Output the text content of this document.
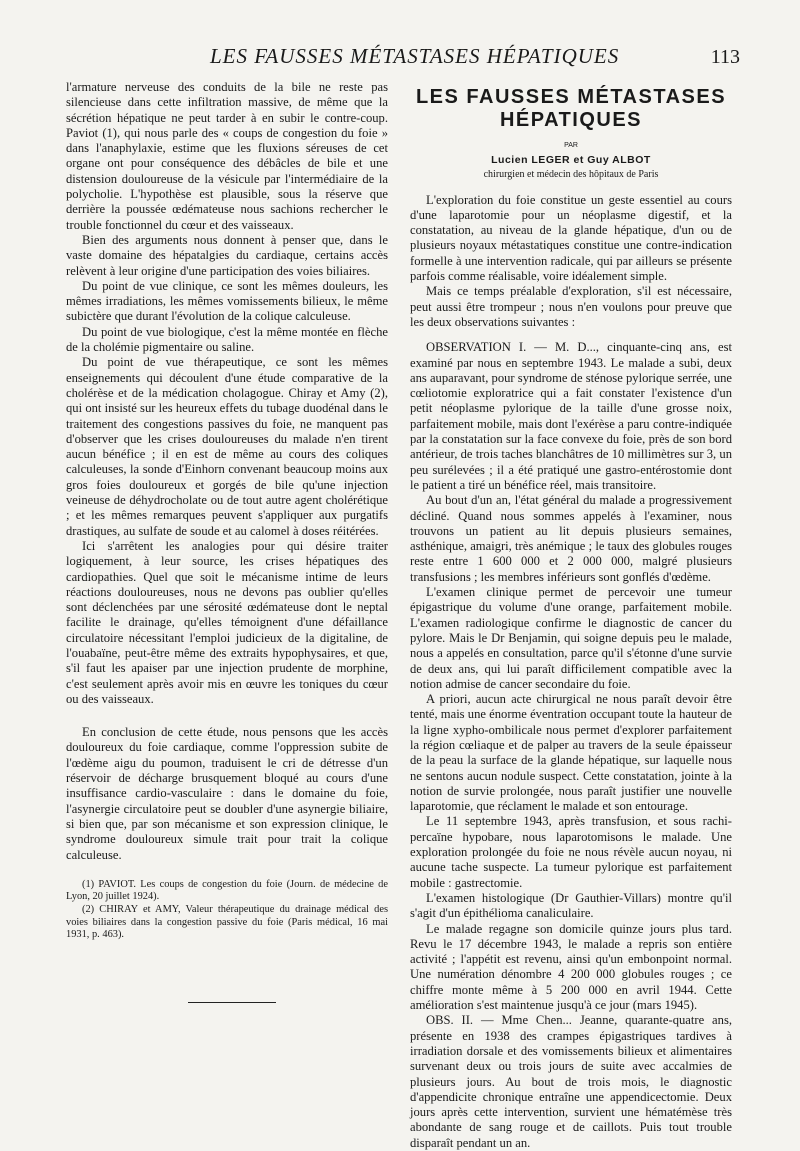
LES FAUSSES MÉTASTASES HÉPATIQUES	113

l'armature nerveuse des conduits de la bile ne reste pas silencieuse dans cette infiltration massive, de même que la sécrétion hépatique ne peut tarder à en subir le contre-coup. Paviot (1), qui nous parle des « coups de congestion du foie » dans l'anaphylaxie, estime que les fluxions séreuses de cet organe ont pour conséquence des débâcles de bile et une distension douloureuse de la vésicule par l'intermédiaire de la polycholie. L'hypothèse est plausible, sous la réserve que derrière la poussée œdémateuse nous sachions rechercher le trouble fonctionnel du cœur et des vaisseaux.

Bien des arguments nous donnent à penser que, dans le vaste domaine des hépatalgies du cardiaque, certains accès relèvent à leur origine d'une participation des voies biliaires.

Du point de vue clinique, ce sont les mêmes douleurs, les mêmes irradiations, les mêmes vomissements bilieux, le même subictère que durant l'évolution de la colique calculeuse.

Du point de vue biologique, c'est la même montée en flèche de la cholémie pigmentaire ou saline.

Du point de vue thérapeutique, ce sont les mêmes enseignements qui découlent d'une étude comparative de la cholérèse et de la médication cholagogue. Chiray et Amy (2), qui ont insisté sur les heureux effets du tubage duodénal dans le traitement des congestions passives du foie, ne manquent pas d'observer que les crises douloureuses du malade n'en tirent aucun bénéfice ; il en est de même au cours des coliques calculeuses, la sonde d'Einhorn convenant beaucoup moins aux gros foies douloureux et gorgés de bile qu'une injection veineuse de déhydrocholate ou de tout autre agent cholérétique ; et les mêmes remarques peuvent s'appliquer aux purgatifs drastiques, au sulfate de soude et au calomel à doses réitérées.

Ici s'arrêtent les analogies pour qui désire traiter logiquement, à leur source, les crises hépatiques des cardiopathies. Quel que soit le mécanisme intime de leurs réactions douloureuses, nous ne devons pas oublier qu'elles sont déclenchées par une sérosité œdémateuse dont le neptal facilite le drainage, qu'elles témoignent d'une défaillance circulatoire nécessitant l'emploi judicieux de la digitaline, de l'ouabaïne, peut-être même des extraits hypophysaires, et que, s'il faut les apaiser par une injection prudente de morphine, c'est seulement après avoir mis en œuvre les toniques du cœur ou des vaisseaux.

En conclusion de cette étude, nous pensons que les accès douloureux du foie cardiaque, comme l'oppression subite de l'œdème aigu du poumon, traduisent le cri de détresse d'un réservoir de décharge brusquement bloqué au cours d'une insuffisance cardio-vasculaire : dans le domaine du foie, l'asynergie circulatoire peut se doubler d'une asynergie biliaire, si bien que, par son mécanisme et son expression clinique, le syndrome douloureux simule trait pour trait la colique calculeuse.

(1) PAVIOT. Les coups de congestion du foie (Journ. de médecine de Lyon, 20 juillet 1924).

(2) CHIRAY et AMY, Valeur thérapeutique du drainage médical des voies biliaires dans la congestion passive du foie (Paris médical, 16 mai 1931, p. 463).

LES FAUSSES MÉTASTASES HÉPATIQUES
PAR
Lucien LEGER et Guy ALBOT
chirurgien et médecin des hôpitaux de Paris

L'exploration du foie constitue un geste essentiel au cours d'une laparotomie pour un néoplasme digestif, et la constatation, au niveau de la glande hépatique, d'un ou de plusieurs noyaux métastatiques constitue une contre-indication formelle à une intervention radicale, qui par ailleurs se présente parfois comme réalisable, voire idéalement simple.

Mais ce temps préalable d'exploration, s'il est nécessaire, peut aussi être trompeur ; nous n'en voulons pour preuve que les deux observations suivantes :

OBSERVATION I. — M. D..., cinquante-cinq ans, est examiné par nous en septembre 1943. Le malade a subi, deux ans auparavant, pour syndrome de sténose pylorique serrée, une cœliotomie exploratrice qui a fait constater l'existence d'un petit néoplasme pylorique de la taille d'une grosse noix, parfaitement mobile, mais dont l'exérèse a paru contre-indiquée par la constatation sur la face convexe du foie, près de son bord antérieur, de trois taches blanchâtres de 10 millimètres sur 3, un peu surélevées ; il a été pratiqué une gastro-entérostomie dont le patient a tiré un bénéfice réel, mais transitoire.

Au bout d'un an, l'état général du malade a progressivement décliné. Quand nous sommes appelés à l'examiner, nous trouvons un patient au lit depuis plusieurs semaines, asthénique, amaigri, très anémique ; le taux des globules rouges reste entre 1 600 000 et 2 000 000, malgré plusieurs transfusions ; les membres inférieurs sont gonflés d'œdème.

L'examen clinique permet de percevoir une tumeur épigastrique du volume d'une orange, parfaitement mobile. L'examen radiologique confirme le diagnostic de cancer du pylore. Mais le Dr Benjamin, qui soigne depuis peu le malade, nous a appelés en consultation, parce qu'il s'étonne d'une survie de deux ans, qui lui paraît difficilement compatible avec la notion admise de cancer secondaire du foie.

A priori, aucun acte chirurgical ne nous paraît devoir être tenté, mais une énorme éventration occupant toute la hauteur de la ligne xypho-ombilicale nous permet d'explorer parfaitement la région cœliaque et de palper au travers de la seule épaisseur de la peau la surface de la glande hépatique, sur laquelle nous ne sentons aucun nodule suspect. Cette constatation, jointe à la notion de survie prolongée, nous paraît justifier une nouvelle laparotomie, que réclament le malade et son entourage.

Le 11 septembre 1943, après transfusion, et sous rachi-percaïne hypobare, nous laparotomisons le malade. Une exploration prolongée du foie ne nous révèle aucun noyau, ni aucune tache suspecte. La tumeur pylorique est parfaitement mobile : gastrectomie.

L'examen histologique (Dr Gauthier-Villars) montre qu'il s'agit d'un épithélioma canaliculaire.

Le malade regagne son domicile quinze jours plus tard. Revu le 17 décembre 1943, le malade a repris son entière activité ; l'appétit est revenu, ainsi qu'un embonpoint normal. Une numération dénombre 4 200 000 globules rouges ; ce chiffre monte même à 5 200 000 en avril 1944. Cette amélioration s'est maintenue jusqu'à ce jour (mars 1945).

OBS. II. — Mme Chen... Jeanne, quarante-quatre ans, présente en 1938 des crampes épigastriques tardives à irradiation dorsale et des vomissements bilieux et alimentaires survenant deux ou trois jours de suite avec accalmies de plusieurs jours. Au bout de trois mois, le diagnostic d'appendicite chronique entraîne une appendicectomie. Deux jours après cette intervention, survient une hématémèse très abondante de sang rouge et de caillots. Puis tout trouble disparaît pendant un an.
